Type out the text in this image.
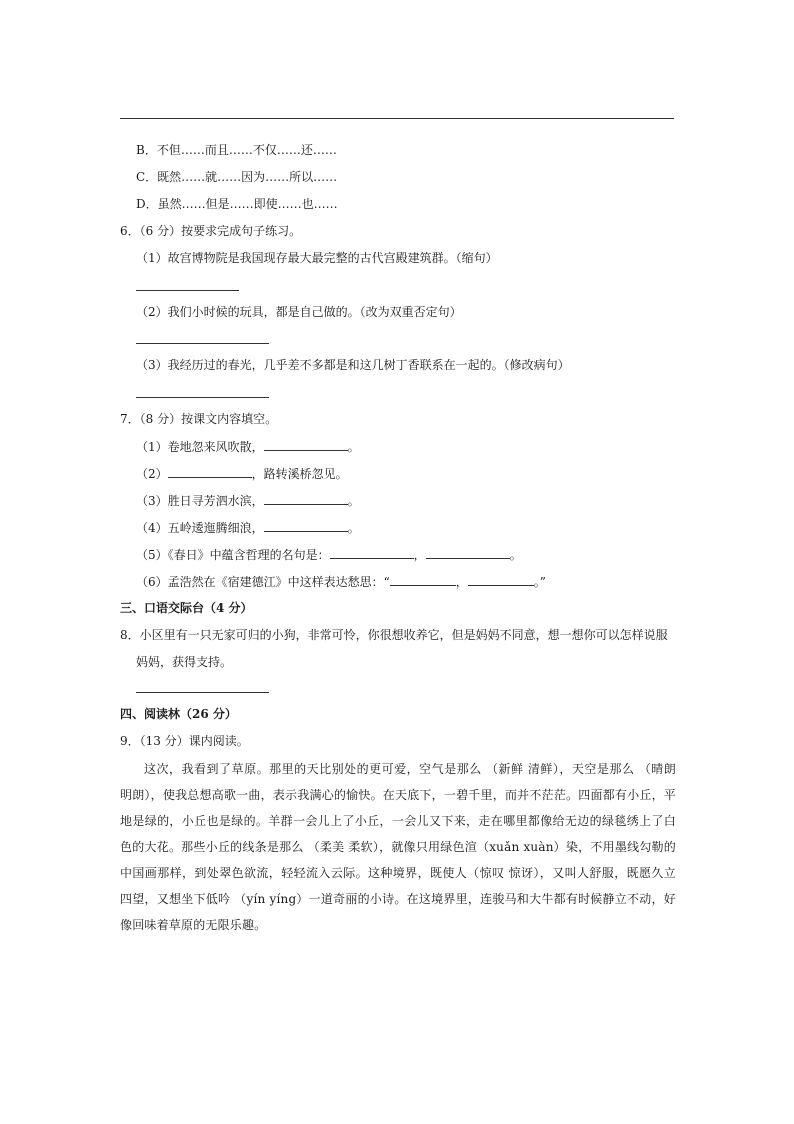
B．不但……而且……不仅……还……
C．既然……就……因为……所以……
D．虽然……但是……即使……也……
6．（6 分）按要求完成句子练习。
（1）故宫博物院是我国现存最大最完整的古代宫殿建筑群。（缩句）
（2）我们小时候的玩具，都是自己做的。（改为双重否定句）
（3）我经历过的春光，几乎差不多都是和这几树丁香联系在一起的。（修改病句）
7．（8 分）按课文内容填空。
（1）卷地忽来风吹散，	。
（2）	，路转溪桥忽见。
（3）胜日寻芳泗水滨，	。
（4）五岭逶迤腾细浪，	。
（5）《春日》中蕴含哲理的名句是：	，	。
（6）孟浩然在《宿建德江》中这样表达愁思：“	，	。”
三、口语交际台（4 分）
8．小区里有一只无家可归的小狗，非常可怜，你很想收养它，但是妈妈不同意，想一想你可以怎样说服
妈妈，获得支持。
四、阅读林（26 分）
9．（13 分）课内阅读。

这次，我看到了草原。那里的天比别处的更可爱，空气是那么 （新鲜 清鲜），天空是那么 （晴朗 明朗），使我总想高歌一曲，表示我满心的愉快。在天底下，一碧千里，而并不茫茫。四面都有小丘，平地是绿的，小丘也是绿的。羊群一会儿上了小丘，一会儿又下来，走在哪里都像给无边的绿毯绣上了白色的大花。那些小丘的线条是那么 （柔美 柔软），就像只用绿色渲（xuǎn xuàn）染，不用墨线勾勒的中国画那样，到处翠色欲流，轻轻流入云际。这种境界，既使人（惊叹 惊讶），又叫人舒服，既愿久立四望，又想坐下低吟 （yín yíng）一道奇丽的小诗。在这境界里，连骏马和大牛都有时候静立不动，好像回味着草原的无限乐趣。
